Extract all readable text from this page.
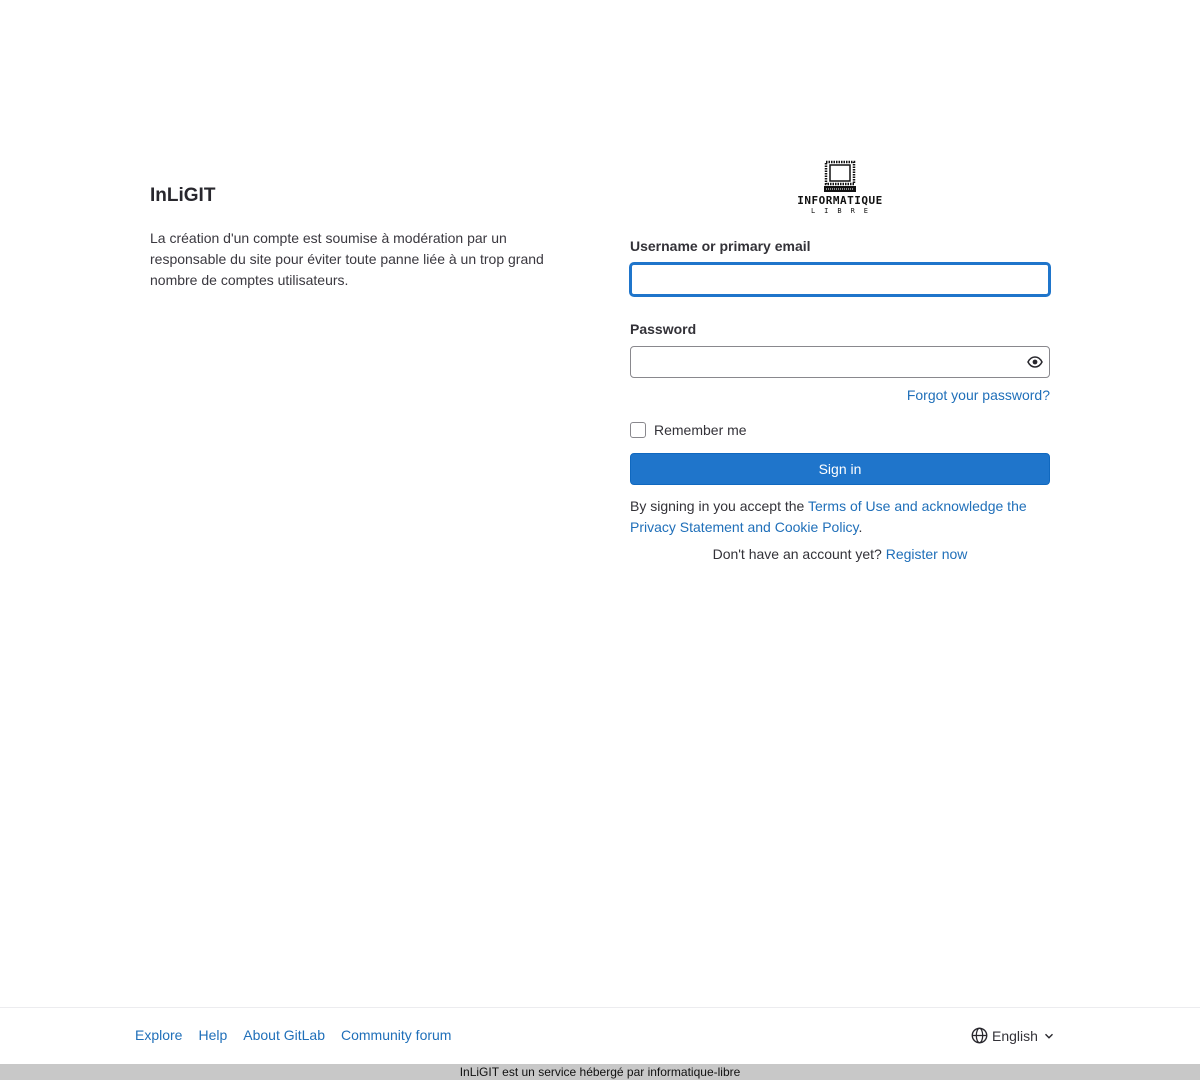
InLiGIT

La création d'un compte est soumise à modération par un responsable du site pour éviter toute panne liée à un trop grand nombre de comptes utilisateurs.

INFORMATIQUE
LIBRE
Username or primary email
Password
Forgot your password?
Remember me
Sign in

By signing in you accept the Terms of Use and acknowledge the Privacy Statement and Cookie Policy.

Don't have an account yet? Register now

Explore Help About GitLab Community forum	English
InLiGIT est un service hébergé par informatique-libre
